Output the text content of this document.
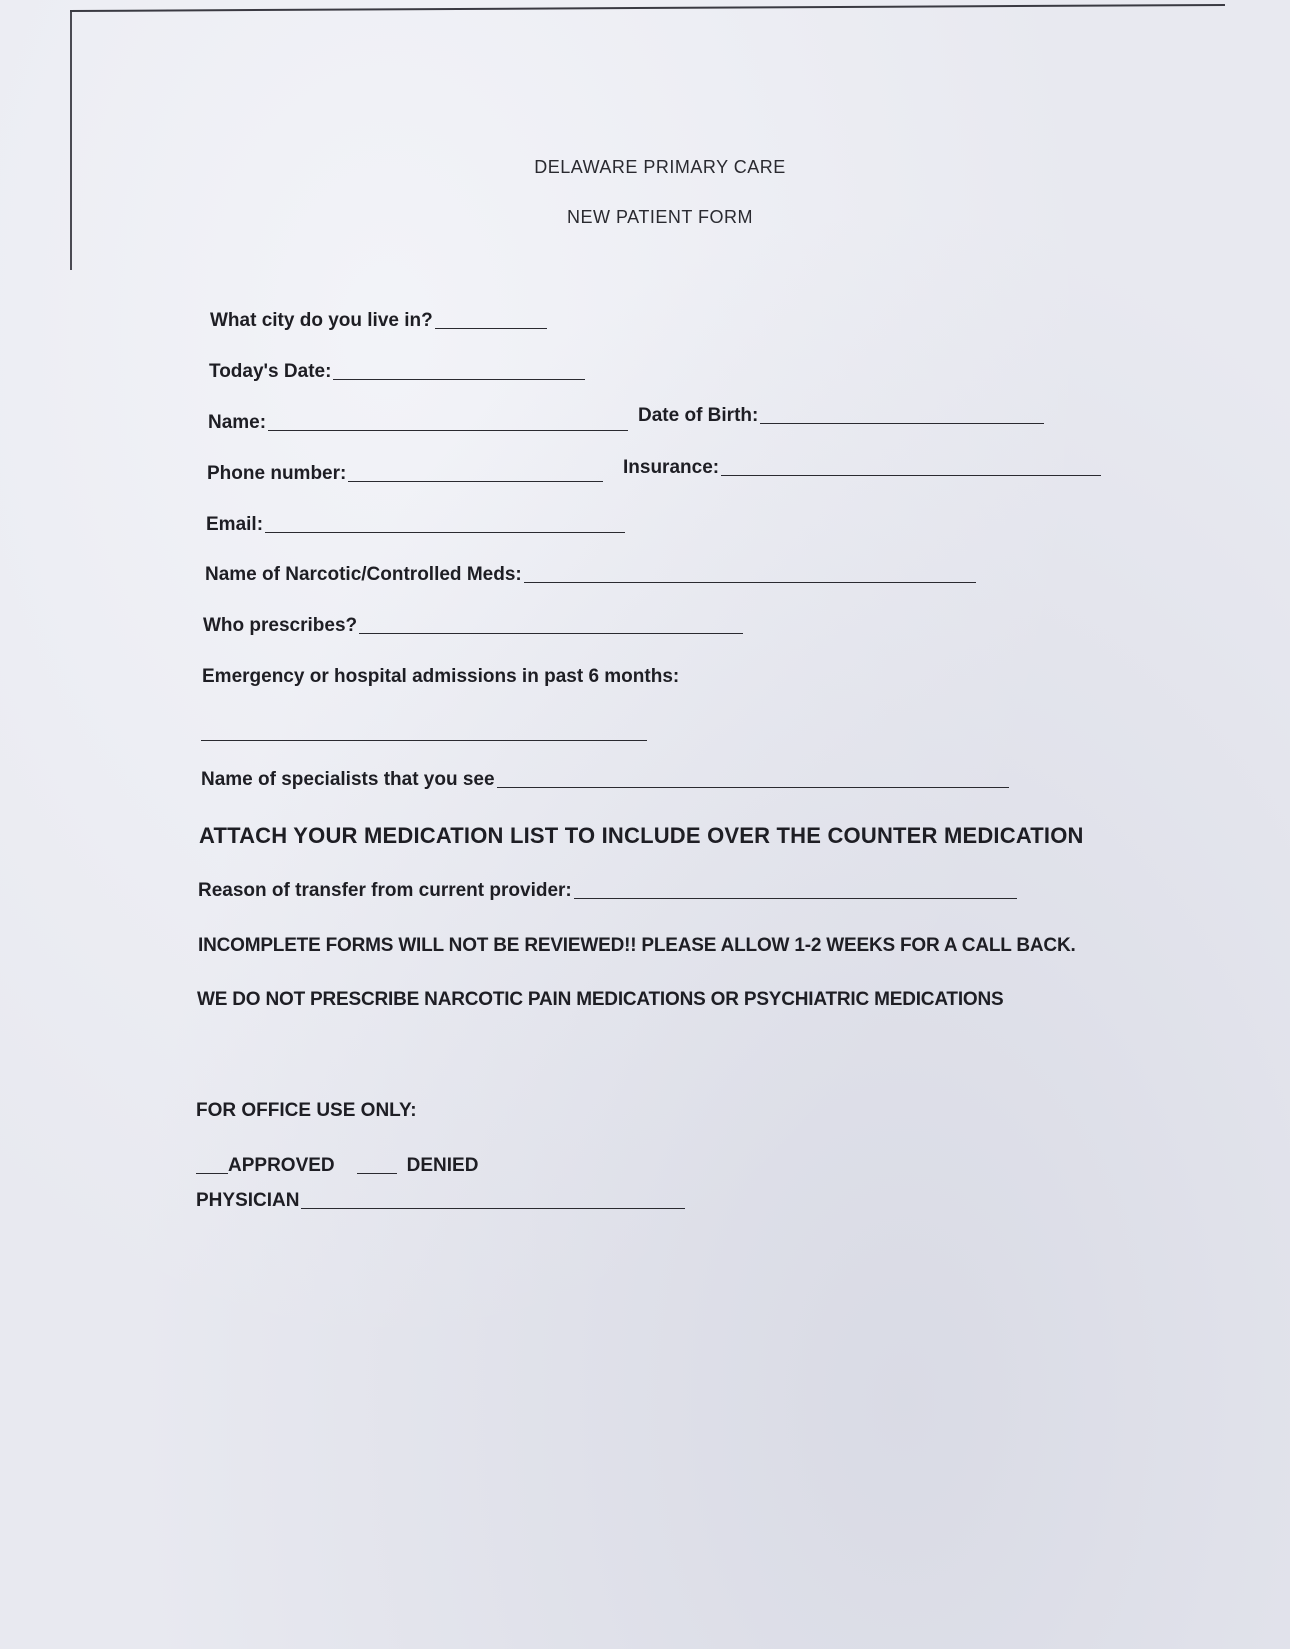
DELAWARE PRIMARY CARE
NEW PATIENT FORM
What city do you live in?
Today's Date:
Name:	Date of Birth:
Phone number:	Insurance:
Email:
Name of Narcotic/Controlled Meds:
Who prescribes?
Emergency or hospital admissions in past 6 months:
Name of specialists that you see
ATTACH YOUR MEDICATION LIST TO INCLUDE OVER THE COUNTER MEDICATION
Reason of transfer from current provider:
INCOMPLETE FORMS WILL NOT BE REVIEWED!! PLEASE ALLOW 1-2 WEEKS FOR A CALL BACK.
WE DO NOT PRESCRIBE NARCOTIC PAIN MEDICATIONS OR PSYCHIATRIC MEDICATIONS
FOR OFFICE USE ONLY:
APPROVED	DENIED
PHYSICIAN
